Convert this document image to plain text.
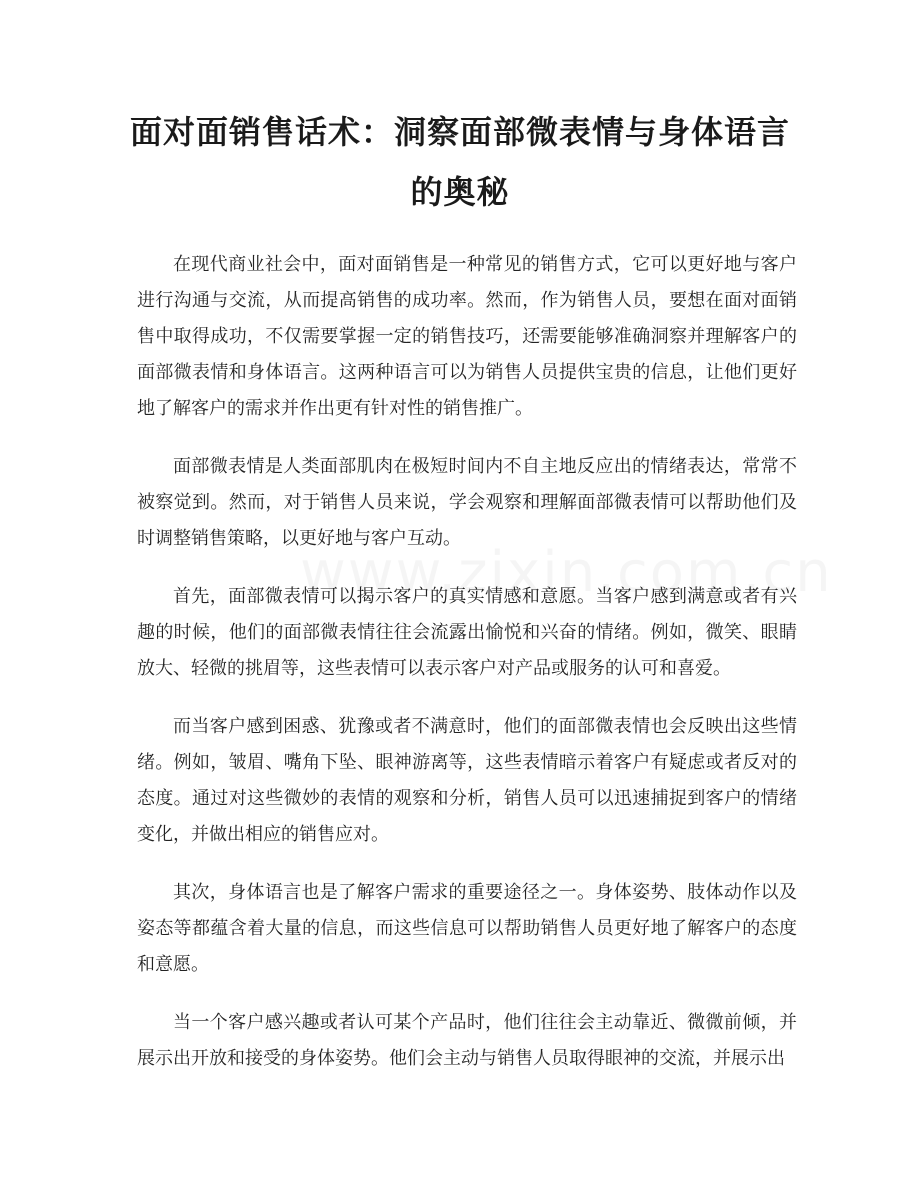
面对面销售话术：洞察面部微表情与身体语言的奥秘

在现代商业社会中，面对面销售是一种常见的销售方式，它可以更好地与客户进行沟通与交流，从而提高销售的成功率。然而，作为销售人员，要想在面对面销售中取得成功，不仅需要掌握一定的销售技巧，还需要能够准确洞察并理解客户的面部微表情和身体语言。这两种语言可以为销售人员提供宝贵的信息，让他们更好地了解客户的需求并作出更有针对性的销售推广。

面部微表情是人类面部肌肉在极短时间内不自主地反应出的情绪表达，常常不被察觉到。然而，对于销售人员来说，学会观察和理解面部微表情可以帮助他们及时调整销售策略，以更好地与客户互动。

首先，面部微表情可以揭示客户的真实情感和意愿。当客户感到满意或者有兴趣的时候，他们的面部微表情往往会流露出愉悦和兴奋的情绪。例如，微笑、眼睛放大、轻微的挑眉等，这些表情可以表示客户对产品或服务的认可和喜爱。

而当客户感到困惑、犹豫或者不满意时，他们的面部微表情也会反映出这些情绪。例如，皱眉、嘴角下坠、眼神游离等，这些表情暗示着客户有疑虑或者反对的态度。通过对这些微妙的表情的观察和分析，销售人员可以迅速捕捉到客户的情绪变化，并做出相应的销售应对。

其次，身体语言也是了解客户需求的重要途径之一。身体姿势、肢体动作以及姿态等都蕴含着大量的信息，而这些信息可以帮助销售人员更好地了解客户的态度和意愿。

当一个客户感兴趣或者认可某个产品时，他们往往会主动靠近、微微前倾，并展示出开放和接受的身体姿势。他们会主动与销售人员取得眼神的交流，并展示出
